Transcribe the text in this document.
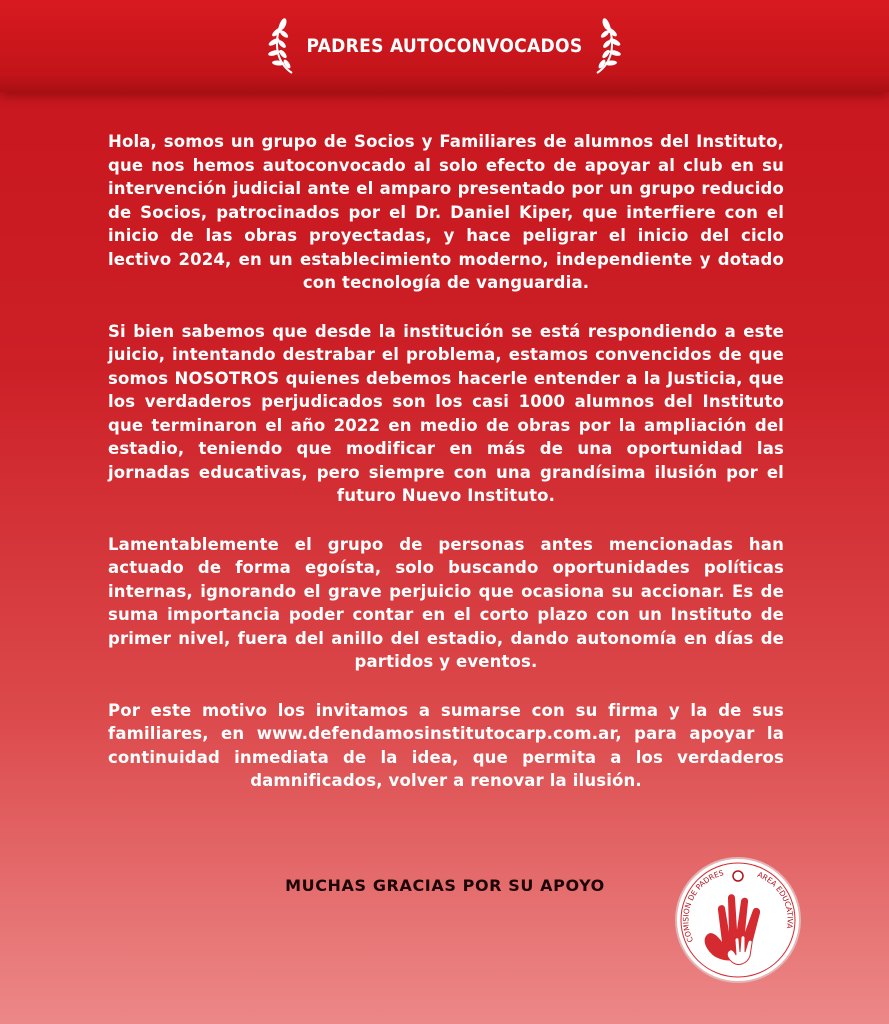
PADRES AUTOCONVOCADOS

Hola, somos un grupo de Socios y Familiares de alumnos del Instituto, que nos hemos autoconvocado al solo efecto de apoyar al club en su intervención judicial ante el amparo presentado por un grupo reducido de Socios, patrocinados por el Dr. Daniel Kiper, que interfiere con el inicio de las obras proyectadas, y hace peligrar el inicio del ciclo lectivo 2024, en un establecimiento moderno, independiente y dotado con tecnología de vanguardia.

Si bien sabemos que desde la institución se está respondiendo a este juicio, intentando destrabar el problema, estamos convencidos de que somos NOSOTROS quienes debemos hacerle entender a la Justicia, que los verdaderos perjudicados son los casi 1000 alumnos del Instituto que terminaron el año 2022 en medio de obras por la ampliación del estadio, teniendo que modificar en más de una oportunidad las jornadas educativas, pero siempre con una grandísima ilusión por el futuro Nuevo Instituto.

Lamentablemente el grupo de personas antes mencionadas han actuado de forma egoísta, solo buscando oportunidades políticas internas, ignorando el grave perjuicio que ocasiona su accionar. Es de suma importancia poder contar en el corto plazo con un Instituto de primer nivel, fuera del anillo del estadio, dando autonomía en días de partidos y eventos.

Por este motivo los invitamos a sumarse con su firma y la de sus familiares, en www.defendamosinstitutocarp.com.ar, para apoyar la continuidad inmediata de la idea, que permita a los verdaderos damnificados, volver a renovar la ilusión.

MUCHAS GRACIAS POR SU APOYO
COMISION DE PADRES	AREA EDUCATIVA
